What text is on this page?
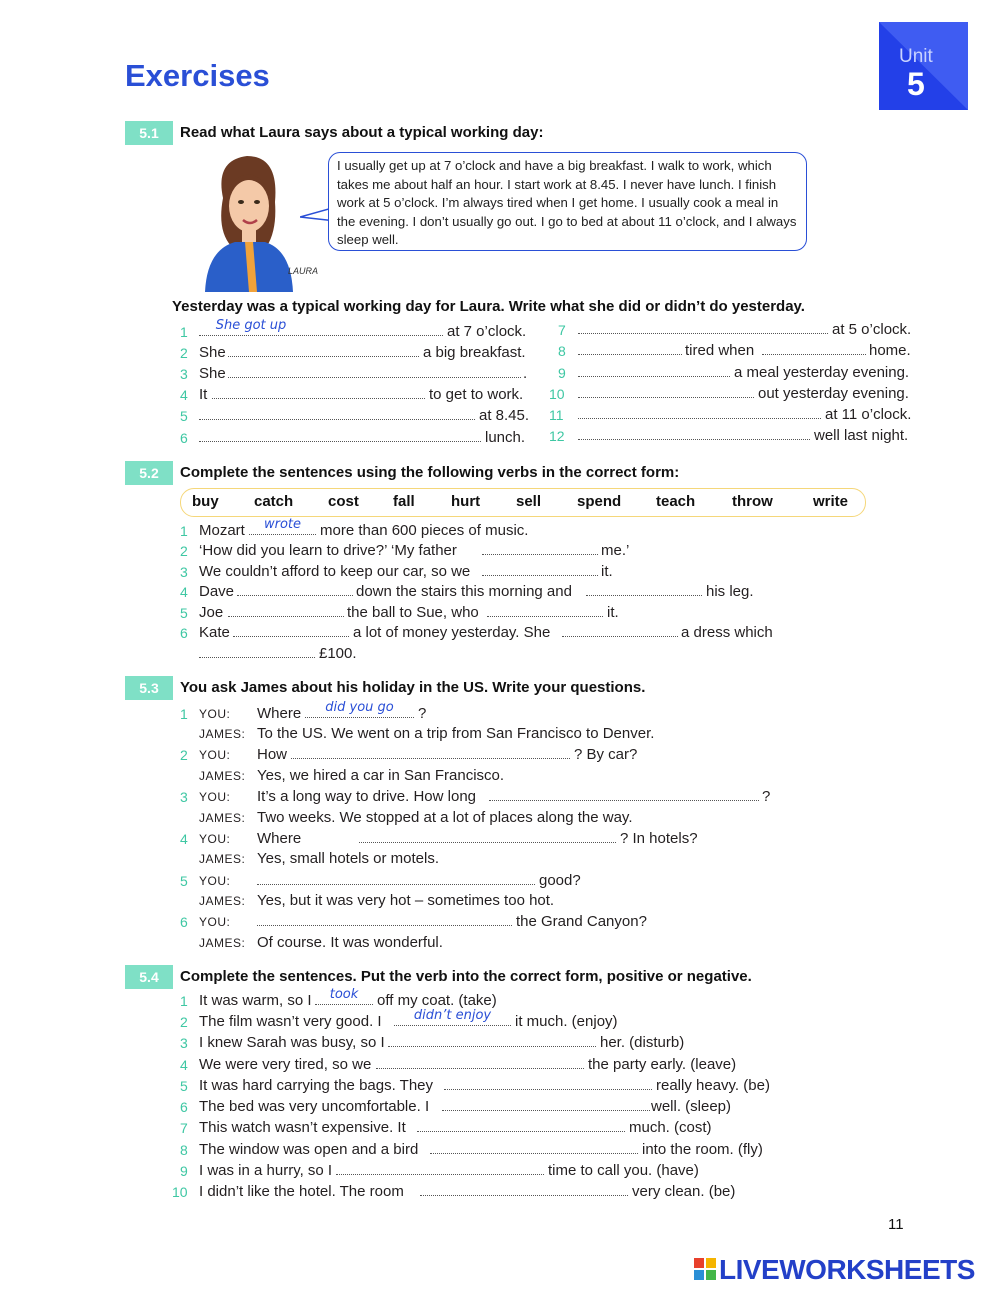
Exercises
Unit
5
5.1	Read what Laura says about a typical working day:
LAURA
I usually get up at 7 o’clock and have a big breakfast. I walk to work, which takes me about half an hour. I start work at 8.45. I never have lunch. I finish work at 5 o’clock. I’m always tired when I get home. I usually cook a meal in the evening. I don’t usually go out. I go to bed at about 11 o’clock, and I always sleep well.
Yesterday was a typical working day for Laura. Write what she did or didn’t do yesterday.
1	She got up	at 7 o’clock.
2 She	a big breakfast.
3 She	.
4 It	to get to work.
5	at 8.45.
6	lunch.
7	at 5 o’clock.
8	tired when	home.
9	a meal yesterday evening.
10	out yesterday evening.
11	at 11 o’clock.
12	well last night.
5.2	Complete the sentences using the following verbs in the correct form:
buy catch cost fall hurt sell spend teach throw	write
1 Mozart	wrote	more than 600 pieces of music.
2 ‘How did you learn to drive?’ ‘My father	me.’
3 We couldn’t afford to keep our car, so we	it.
4 Dave	down the stairs this morning and	his leg.
5 Joe	the ball to Sue, who	it.
6 Kate	a lot of money yesterday. She	a dress which
£100.
5.3	You ask James about his holiday in the US. Write your questions.
1 YOU: Where	did you go	?
JAMES: To the US. We went on a trip from San Francisco to Denver.
2 YOU: How	? By car?
JAMES: Yes, we hired a car in San Francisco.
3 YOU: It’s a long way to drive. How long	?
JAMES: Two weeks. We stopped at a lot of places along the way.
4 YOU: Where	? In hotels?
JAMES: Yes, small hotels or motels.
5 YOU:	good?
JAMES: Yes, but it was very hot – sometimes too hot.
6 YOU:	the Grand Canyon?
JAMES: Of course. It was wonderful.
5.4	Complete the sentences. Put the verb into the correct form, positive or negative.
1 It was warm, so I	took	off my coat. (take)
2 The film wasn’t very good. I	didn’t enjoy	it much. (enjoy)
3 I knew Sarah was busy, so I	her. (disturb)
4 We were very tired, so we	the party early. (leave)
5 It was hard carrying the bags. They	really heavy. (be)
6 The bed was very uncomfortable. I	well. (sleep)
7 This watch wasn’t expensive. It	much. (cost)
8 The window was open and a bird	into the room. (fly)
9 I was in a hurry, so I	time to call you. (have)
10 I didn’t like the hotel. The room	very clean. (be)
11
LIVEWORKSHEETS
